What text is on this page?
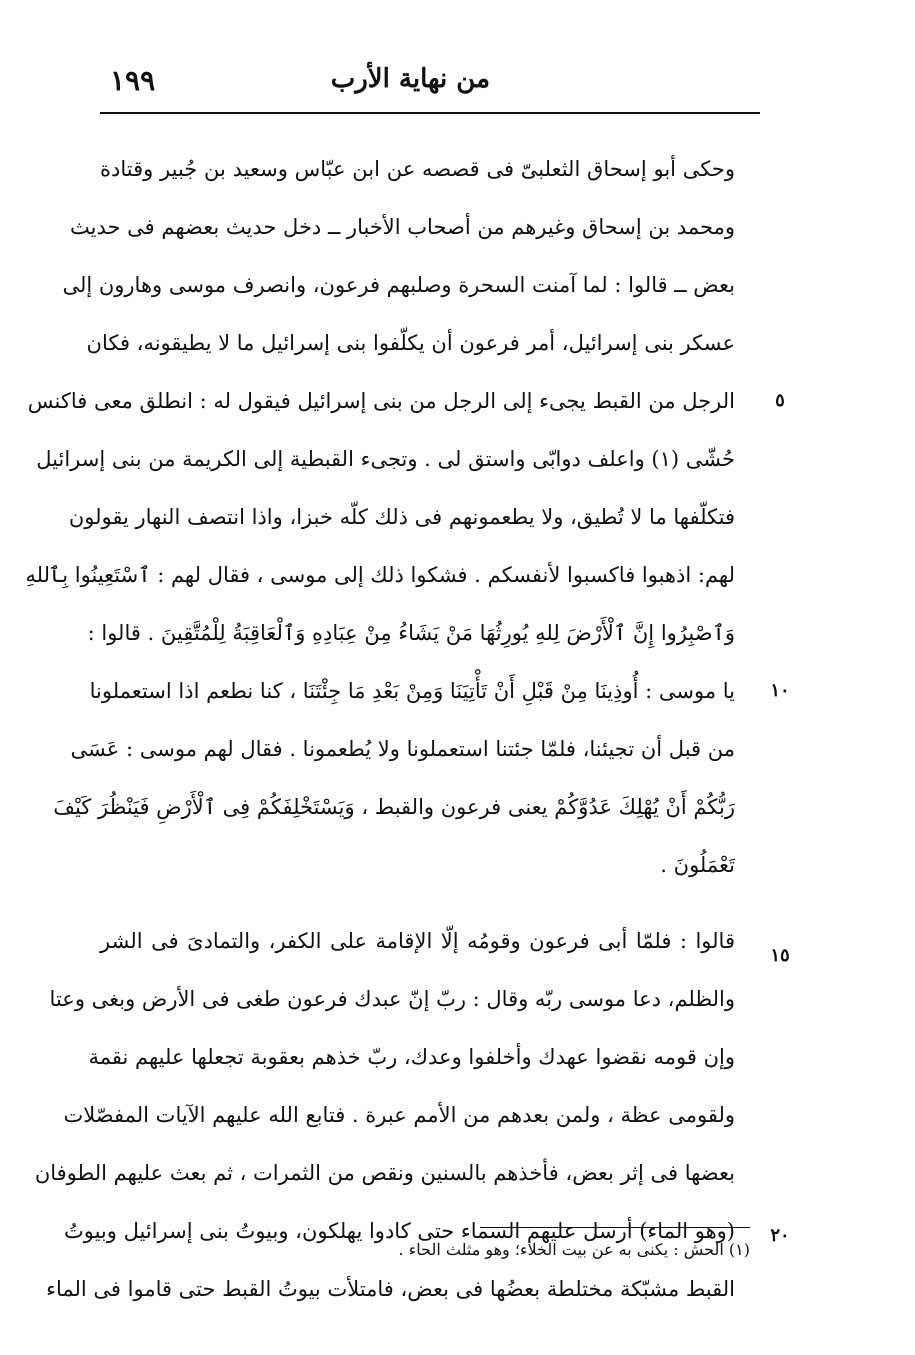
١٩٩	من نهاية الأرب
وحكى أبو إسحاق الثعلبىّ فى قصصه عن ابن عبّاس وسعيد بن جُبير وقتادة
ومحمد بن إسحاق وغيرهم من أصحاب الأخبار ــ دخل حديث بعضهم فى حديث
بعض ــ قالوا : لما آمنت السحرة وصلبهم فرعون، وانصرف موسى وهارون إلى
عسكر بنى إسرائيل، أمر فرعون أن يكلّفوا بنى إسرائيل ما لا يطيقونه، فكان
الرجل من القبط يجىء إلى الرجل من بنى إسرائيل فيقول له : انطلق معى فاكنس
حُشّى (١) واعلف دوابّى واستق لى . وتجىء القبطية إلى الكريمة من بنى إسرائيل
فتكلّفها ما لا تُطيق، ولا يطعمونهم فى ذلك كلّه خبزا، واذا انتصف النهار يقولون
لهم: اذهبوا فاكسبوا لأنفسكم . فشكوا ذلك إلى موسى ، فقال لهم : ٱسْتَعِينُوا بِٱللهِ
وَٱصْبِرُوا إِنَّ ٱلْأَرْضَ لِلهِ يُورِثُهَا مَنْ يَشَاءُ مِنْ عِبَادِهِ وَٱلْعَاقِبَةُ لِلْمُتَّقِينَ . قالوا :
يا موسى : أُوذِينَا مِنْ قَبْلِ أَنْ تَأْتِيَنَا وَمِنْ بَعْدِ مَا جِئْتَنَا ، كنا نطعم اذا استعملونا
من قبل أن تجيئنا، فلمّا جئتنا استعملونا ولا يُطعمونا . فقال لهم موسى : عَسَى
رَبُّكُمْ أَنْ يُهْلِكَ عَدُوَّكُمْ يعنى فرعون والقبط ، وَيَسْتَخْلِفَكُمْ فِى ٱلْأَرْضِ فَيَنْظُرَ كَيْفَ
تَعْمَلُونَ .
قالوا : فلمّا أبى فرعون وقومُه إلّا الإقامة على الكفر، والتمادىَ فى الشر
والظلم، دعا موسى ربّه وقال : ربّ إنّ عبدك فرعون طغى فى الأرض وبغى وعتا
وإن قومه نقضوا عهدك وأخلفوا وعدك، ربّ خذهم بعقوبة تجعلها عليهم نقمة
ولقومى عظة ، ولمن بعدهم من الأمم عبرة . فتابع الله عليهم الآيات المفصّلات
بعضها فى إثر بعض، فأخذهم بالسنين ونقص من الثمرات ، ثم بعث عليهم الطوفان
(وهو الماء) أرسل عليهم السماء حتى كادوا يهلكون، وبيوتُ بنى إسرائيل وبيوتُ
القبط مشبّكة مختلطة بعضُها فى بعض، فامتلأت بيوتُ القبط حتى قاموا فى الماء
٥
١٠
١٥
٢٠
(١) الحش : يكنى به عن بيت الخلاء؛ وهو مثلث الحاء .
